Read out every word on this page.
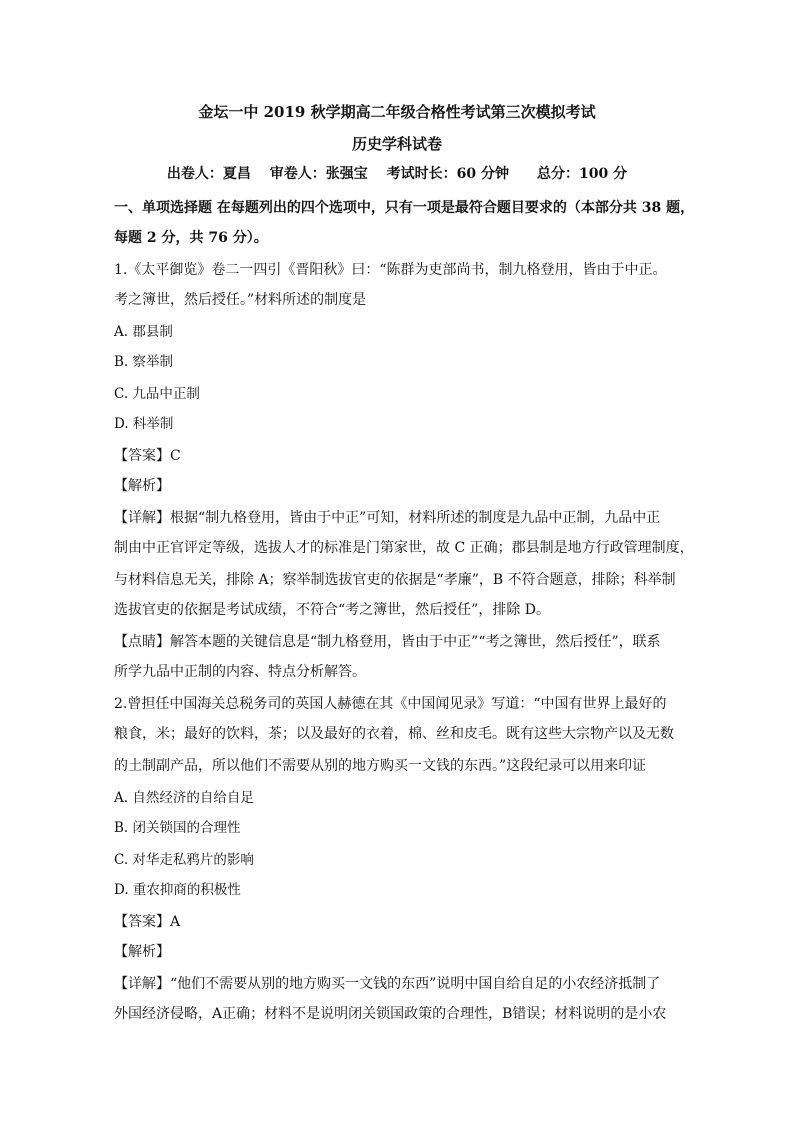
金坛一中 2019 秋学期高二年级合格性考试第三次模拟考试
历史学科试卷
出卷人：夏昌　 审卷人：张强宝　 考试时长：60 分钟　　总分：100 分
一、单项选择题 在每题列出的四个选项中，只有一项是最符合题目要求的（本部分共 38 题，
每题 2 分，共 76 分）。
1.《太平御览》卷二一四引《晋阳秋》曰：“陈群为吏部尚书，制九格登用，皆由于中正。
考之簿世，然后授任。”材料所述的制度是
A. 郡县制
B. 察举制
C. 九品中正制
D. 科举制
【答案】C
【解析】
【详解】根据“制九格登用，皆由于中正”可知，材料所述的制度是九品中正制，九品中正
制由中正官评定等级，选拔人才的标准是门第家世，故 C 正确；郡县制是地方行政管理制度，
与材料信息无关，排除 A；察举制选拔官吏的依据是“孝廉”，B 不符合题意，排除；科举制
选拔官吏的依据是考试成绩，不符合“考之簿世，然后授任”，排除 D。
【点睛】解答本题的关键信息是“制九格登用，皆由于中正”“考之簿世，然后授任”，联系
所学九品中正制的内容、特点分析解答。
2.曾担任中国海关总税务司的英国人赫德在其《中国闻见录》写道：“中国有世界上最好的
粮食，米；最好的饮料，茶；以及最好的衣着，棉、丝和皮毛。既有这些大宗物产以及无数
的土制副产品，所以他们不需要从别的地方购买一文钱的东西。”这段纪录可以用来印证
A. 自然经济的自给自足
B. 闭关锁国的合理性
C. 对华走私鸦片的影响
D. 重农抑商的积极性
【答案】A
【解析】
【详解】“他们不需要从别的地方购买一文钱的东西”说明中国自给自足的小农经济抵制了
外国经济侵略，A正确；材料不是说明闭关锁国政策的合理性，B错误；材料说明的是小农
